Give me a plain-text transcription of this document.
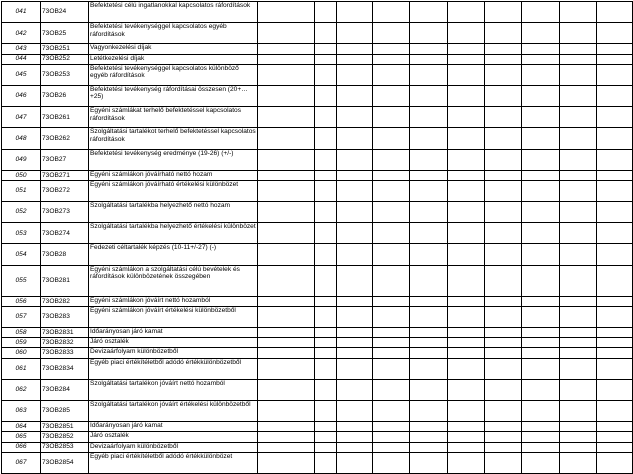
041	73OB24	Befektetési célú ingatlanokkal kapcsolatos ráfordítások										
042	73OB25	Befektetési tevékenységgel kapcsolatos egyéb ráfordítások										
043	73OB251	Vagyonkezelési díjak										
044	73OB252	Letétkezelési díjak										
045	73OB253	Befektetési tevékenységgel kapcsolatos különböző egyéb ráfordítások										
046	73OB26	Befektetési tevékenység ráfordításai összesen (20+…+25)										
047	73OB261	Egyéni számlákat terhelő befektetéssel kapcsolatos ráfordítások										
048	73OB262	Szolgáltatási tartalékot terhelő befektetéssel kapcsolatos ráfordítások										
049	73OB27	Befektetési tevékenység eredménye (19-26) (+/-)										
050	73OB271	Egyéni számlákon jóváírható nettó hozam										
051	73OB272	Egyéni számlákon jóváírható értékelési különbözet										
052	73OB273	Szolgáltatási tartalékba helyezhető nettó hozam										
053	73OB274	Szolgáltatási tartalékba helyezhető értékelési különbözet										
054	73OB28	Fedezeti céltartalék képzés (10-11+/-27) (-)										
055	73OB281	Egyéni számlákon a szolgáltatási célú bevételek és ráfordítások különbözetének összegében										
056	73OB282	Egyéni számlákon jóváírt nettó hozamból										
057	73OB283	Egyéni számlákon jóváírt értékelési különbözetből										
058	73OB2831	Időarányosan járó kamat										
059	73OB2832	Járó osztalék										
060	73OB2833	Devizaárfolyam különbözetből										
061	73OB2834	Egyéb piaci értékítéletből adódó értékkülönbözetből										
062	73OB284	Szolgáltatási tartalékon jóváírt nettó hozamból										
063	73OB285	Szolgáltatási tartalékon jóváírt értékelési különbözetből										
064	73OB2851	Időarányosan járó kamat										
065	73OB2852	Járó osztalék										
066	73OB2853	Devizaárfolyam különbözetből										
067	73OB2854	Egyéb piaci értékítéletből adódó értékkülönbözet										
